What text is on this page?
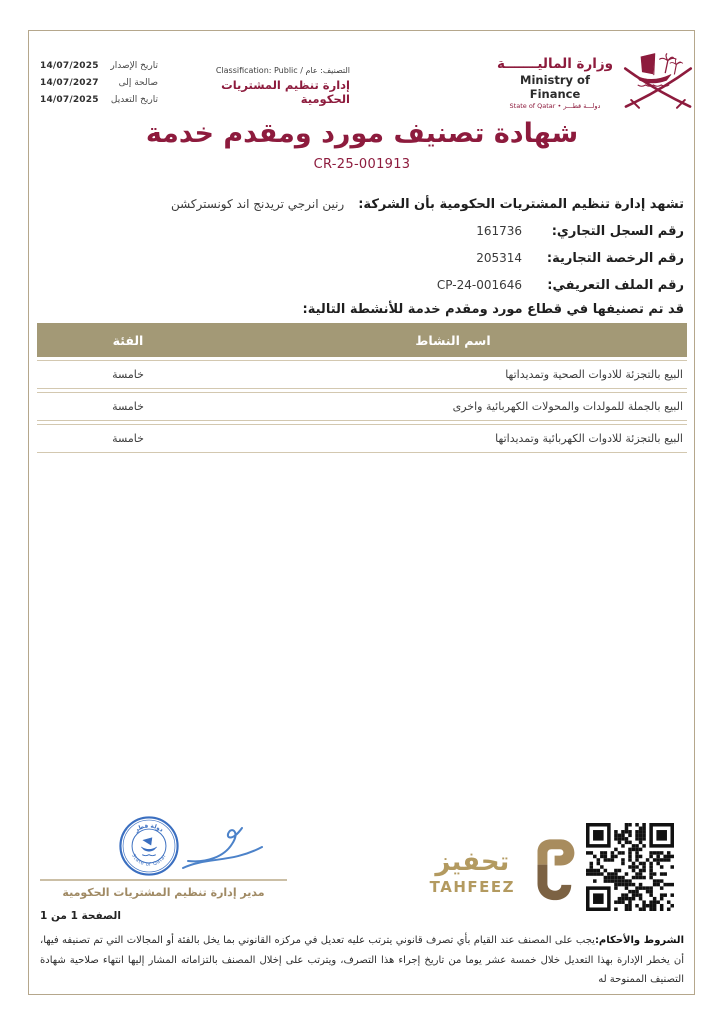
14/07/2025 تاريخ الإصدار
14/07/2027 صالحة إلى
14/07/2025 تاريخ التعديل
التصنيف: عام / Classification: Public
إدارة تنظيم المشتريات الحكومية
وزارة الماليـــــــة
Ministry of Finance
دولـــة قطـــر • State of Qatar
شهادة تصنيف مورد ومقدم خدمة
CR-25-001913
تشهد إدارة تنظيم المشتريات الحكومية بأن الشركة:
رنين انرجي تريدنج اند كونستركشن
رقم السجل التجاري:
161736
رقم الرخصة التجارية:
205314
رقم الملف التعريفي:
CP-24-001646
قد تم تصنيفها في قطاع مورد ومقدم خدمة للأنشطة التالية:
اسم النشاط
الفئة
البيع بالتجزئة للادوات الصحية وتمديداتها
خامسة
البيع بالجملة للمولدات والمحولات الكهربائية واخرى
خامسة
البيع بالتجزئة للادوات الكهربائية وتمديداتها
خامسة
دولة قطر
State of Qatar
مدير إدارة تنظيم المشتريات الحكومية
تحفيز
TAHFEEZ
الصفحة 1 من 1

الشروط والأحكام:يجب على المصنف عند القيام بأي تصرف قانوني يترتب عليه تعديل في مركزه القانوني بما يخل بالفئة أو المجالات التي تم تصنيفه فيها، أن يخطر الإدارة بهذا التعديل خلال خمسة عشر يوما من تاريخ إجراء هذا التصرف، ويترتب على إخلال المصنف بالتزاماته المشار إليها انتهاء صلاحية شهادة التصنيف الممنوحة له
